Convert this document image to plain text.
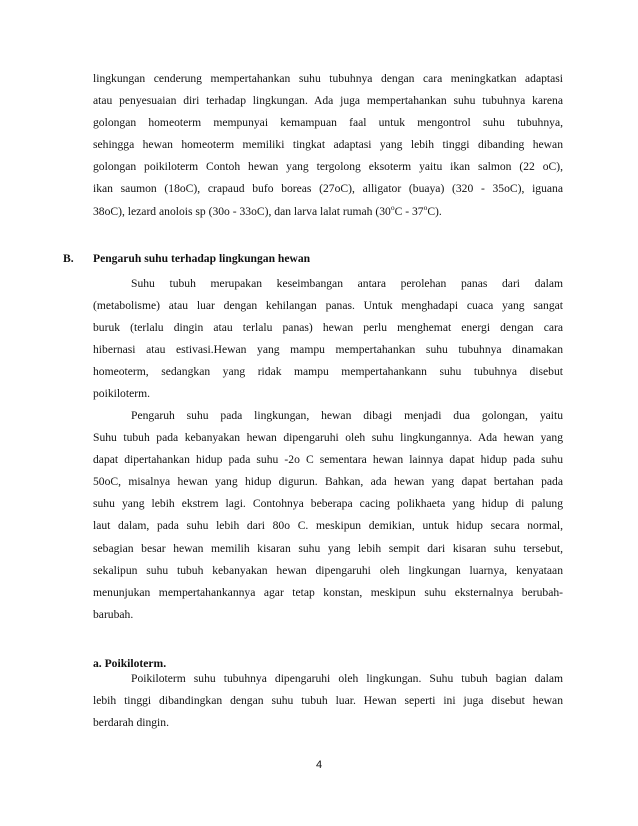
lingkungan cenderung mempertahankan suhu tubuhnya dengan cara meningkatkan adaptasi
atau penyesuaian diri terhadap lingkungan. Ada juga mempertahankan suhu tubuhnya karena
golongan homeoterm mempunyai kemampuan faal untuk mengontrol suhu tubuhnya,
sehingga hewan homeoterm memiliki tingkat adaptasi yang lebih tinggi dibanding hewan
golongan poikiloterm Contoh hewan yang tergolong eksoterm yaitu ikan salmon (22 oC),
ikan saumon (18oC), crapaud bufo boreas (27oC), alligator (buaya) (320 - 35oC), iguana
38oC), lezard anolois sp (30o - 33oC), dan larva lalat rumah (30$^o$C - 37$^o$C).

B. Pengaruh suhu terhadap lingkungan hewan

Suhu tubuh merupakan keseimbangan antara perolehan panas dari dalam
(metabolisme) atau luar dengan kehilangan panas. Untuk menghadapi cuaca yang sangat
buruk (terlalu dingin atau terlalu panas) hewan perlu menghemat energi dengan cara
hibernasi atau estivasi.Hewan yang mampu mempertahankan suhu tubuhnya dinamakan
homeoterm, sedangkan yang ridak mampu mempertahankann suhu tubuhnya disebut
poikiloterm.

Pengaruh suhu pada lingkungan, hewan dibagi menjadi dua golongan, yaitu
Suhu tubuh pada kebanyakan hewan dipengaruhi oleh suhu lingkungannya. Ada hewan yang
dapat dipertahankan hidup pada suhu -2o C sementara hewan lainnya dapat hidup pada suhu
50oC, misalnya hewan yang hidup digurun. Bahkan, ada hewan yang dapat bertahan pada
suhu yang lebih ekstrem lagi. Contohnya beberapa cacing polikhaeta yang hidup di palung
laut dalam, pada suhu lebih dari 80o C. meskipun demikian, untuk hidup secara normal,
sebagian besar hewan memilih kisaran suhu yang lebih sempit dari kisaran suhu tersebut,
sekalipun suhu tubuh kebanyakan hewan dipengaruhi oleh lingkungan luarnya, kenyataan
menunjukan mempertahankannya agar tetap konstan, meskipun suhu eksternalnya berubah-
barubah.

a. Poikiloterm.

Poikiloterm suhu tubuhnya dipengaruhi oleh lingkungan. Suhu tubuh bagian dalam
lebih tinggi dibandingkan dengan suhu tubuh luar. Hewan seperti ini juga disebut hewan
berdarah dingin.

4
